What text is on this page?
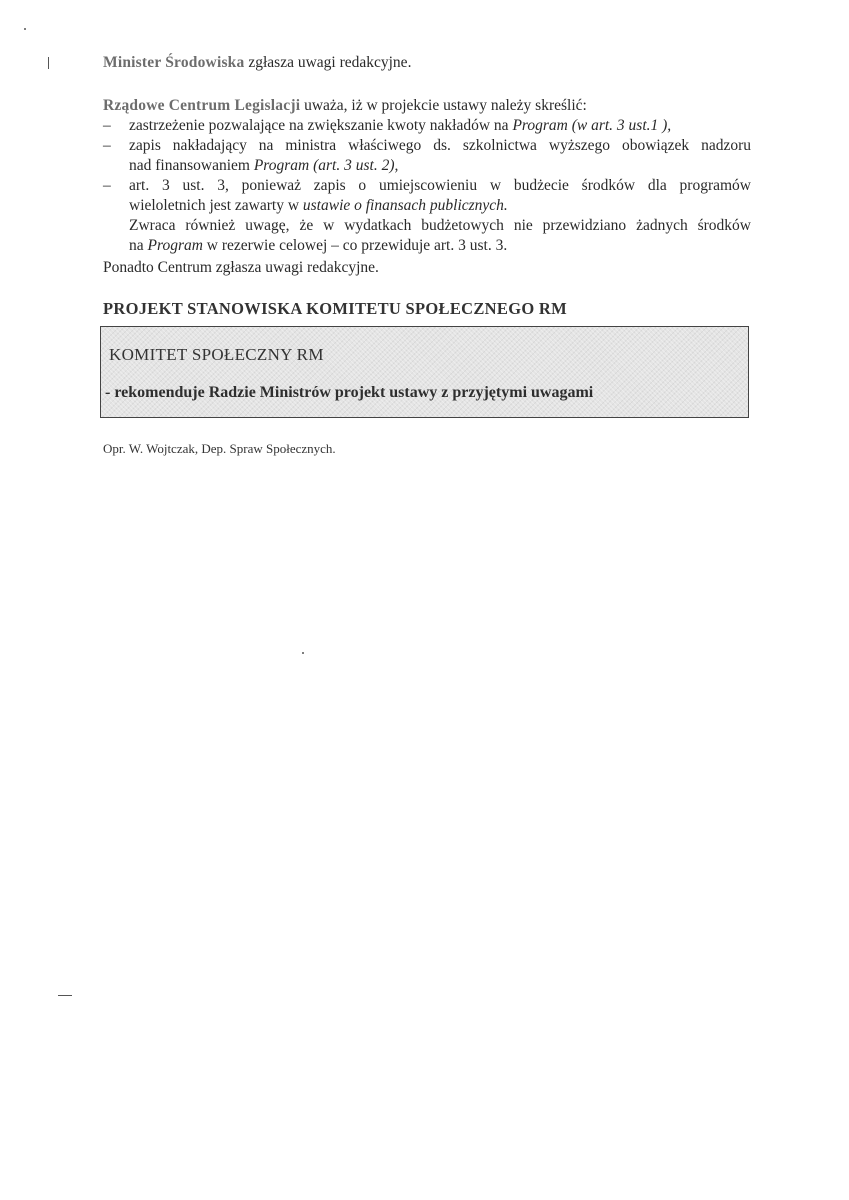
Minister Środowiska zgłasza uwagi redakcyjne.

Rządowe Centrum Legislacji uważa, iż w projekcie ustawy należy skreślić:

– zastrzeżenie pozwalające na zwiększanie kwoty nakładów na Program (w art. 3 ust.1 ),
– zapis nakładający na ministra właściwego ds. szkolnictwa wyższego obowiązek nadzoru
nad finansowaniem Program (art. 3 ust. 2),
– art. 3 ust. 3, ponieważ zapis o umiejscowieniu w budżecie środków dla programów
wieloletnich jest zawarty w ustawie o finansach publicznych.
Zwraca również uwagę, że w wydatkach budżetowych nie przewidziano żadnych środków
na Program w rezerwie celowej – co przewiduje art. 3 ust. 3.

Ponadto Centrum zgłasza uwagi redakcyjne.

PROJEKT STANOWISKA KOMITETU SPOŁECZNEGO RM
KOMITET SPOŁECZNY RM
- rekomenduje Radzie Ministrów projekt ustawy z przyjętymi uwagami
Opr. W. Wojtczak, Dep. Spraw Społecznych.
